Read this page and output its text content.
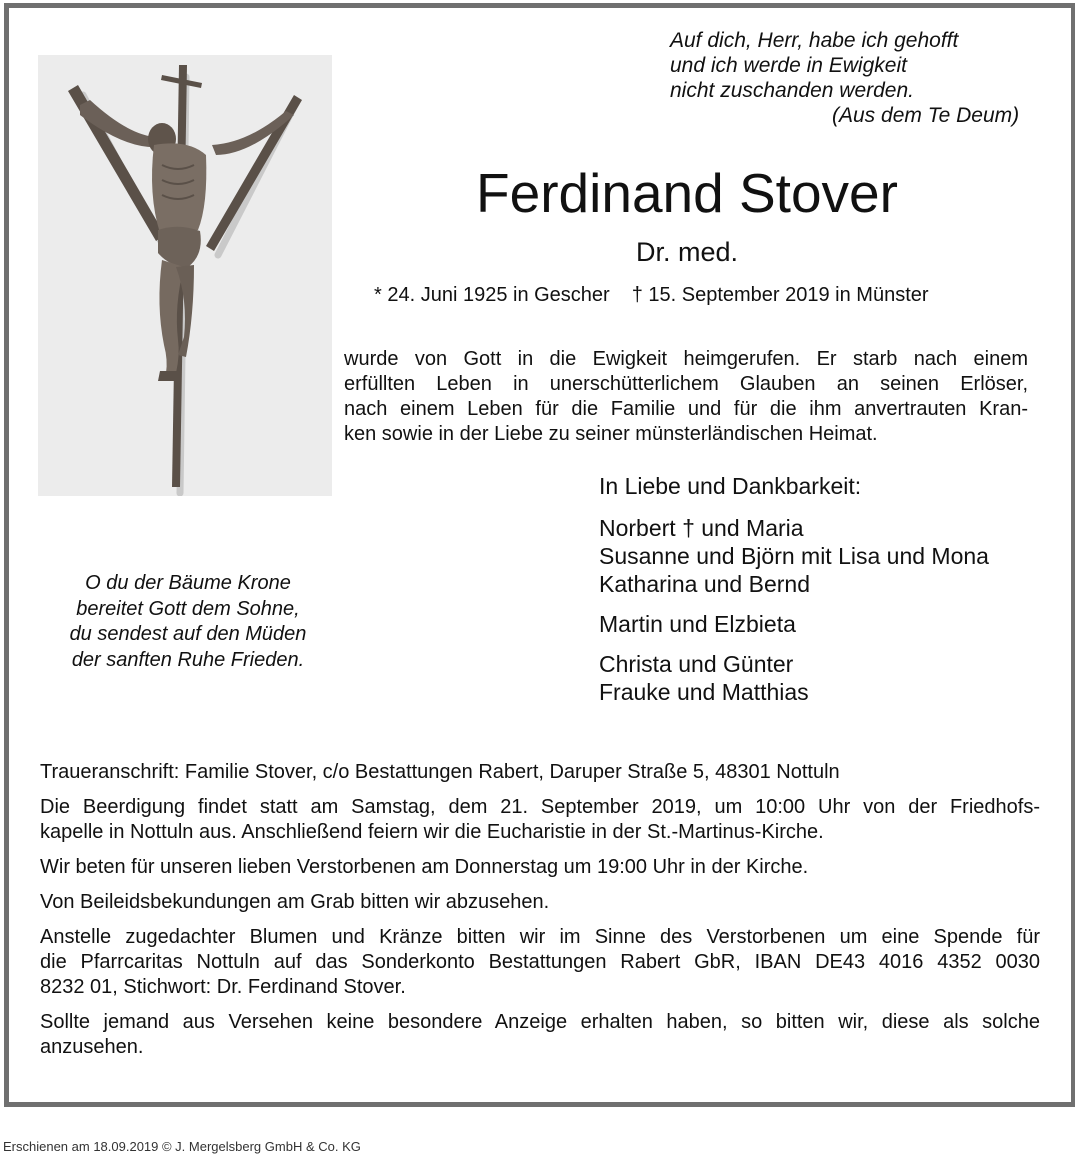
Auf dich, Herr, habe ich gehofft
und ich werde in Ewigkeit
nicht zuschanden werden.
(Aus dem Te Deum)
Ferdinand Stover
Dr. med.
* 24. Juni 1925 in Gescher † 15. September 2019 in Münster
wurde von Gott in die Ewigkeit heimgerufen. Er starb nach einem
erfüllten Leben in unerschütterlichem Glauben an seinen Erlöser,
nach einem Leben für die Familie und für die ihm anvertrauten Kran-
ken sowie in der Liebe zu seiner münsterländischen Heimat.
In Liebe und Dankbarkeit:
Norbert † und Maria
Susanne und Björn mit Lisa und Mona
Katharina und Bernd
Martin und Elzbieta
Christa und Günter
Frauke und Matthias
O du der Bäume Krone
bereitet Gott dem Sohne,
du sendest auf den Müden
der sanften Ruhe Frieden.

Traueranschrift: Familie Stover, c/o Bestattungen Rabert, Daruper Straße 5, 48301 Nottuln

Die Beerdigung findet statt am Samstag, dem 21. September 2019, um 10:00 Uhr von der Friedhofs-
kapelle in Nottuln aus. Anschließend feiern wir die Eucharistie in der St.-Martinus-Kirche.

Wir beten für unseren lieben Verstorbenen am Donnerstag um 19:00 Uhr in der Kirche.

Von Beileidsbekundungen am Grab bitten wir abzusehen.

Anstelle zugedachter Blumen und Kränze bitten wir im Sinne des Verstorbenen um eine Spende für
die Pfarrcaritas Nottuln auf das Sonderkonto Bestattungen Rabert GbR, IBAN DE43 4016 4352 0030
8232 01, Stichwort: Dr. Ferdinand Stover.

Sollte jemand aus Versehen keine besondere Anzeige erhalten haben, so bitten wir, diese als solche
anzusehen.

Erschienen am 18.09.2019 © J. Mergelsberg GmbH & Co. KG
